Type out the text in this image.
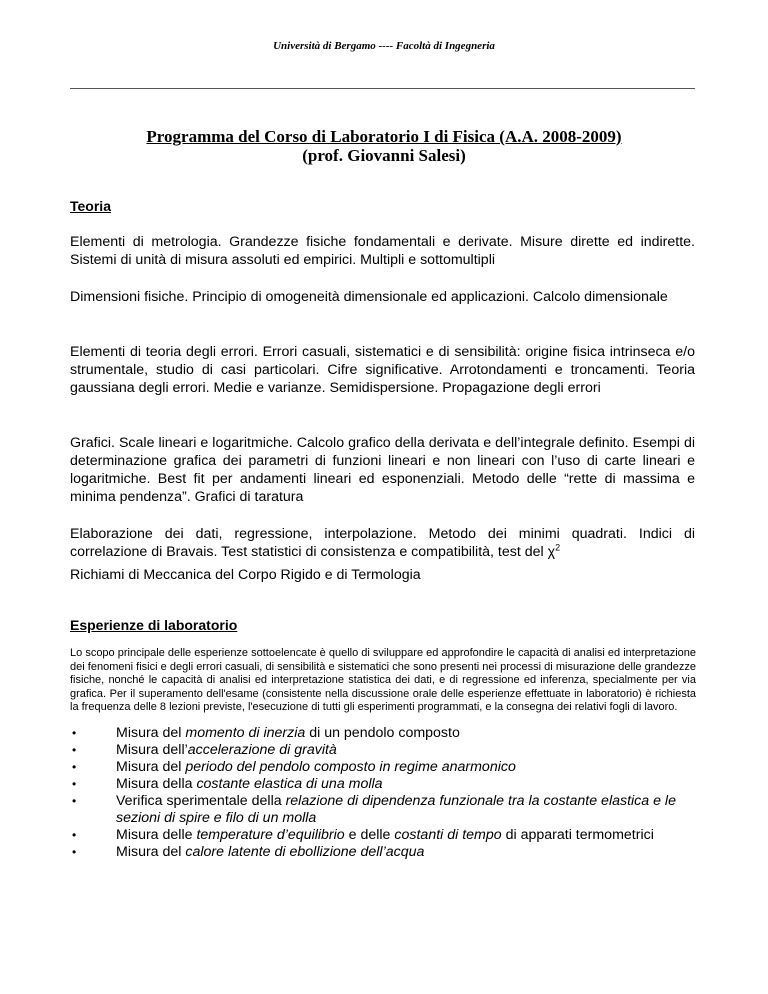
Università di Bergamo ---- Facoltà di Ingegneria
Programma del Corso di Laboratorio I di Fisica (A.A. 2008-2009)
(prof. Giovanni Salesi)
Teoria
Elementi di metrologia. Grandezze fisiche fondamentali e derivate. Misure dirette ed indirette. Sistemi di unità di misura assoluti ed empirici. Multipli e sottomultipli
Dimensioni fisiche. Principio di omogeneità dimensionale ed applicazioni. Calcolo dimensionale
Elementi di teoria degli errori. Errori casuali, sistematici e di sensibilità: origine fisica intrinseca e/o strumentale, studio di casi particolari. Cifre significative. Arrotondamenti e troncamenti. Teoria gaussiana degli errori. Medie e varianze. Semidispersione. Propagazione degli errori
Grafici. Scale lineari e logaritmiche. Calcolo grafico della derivata e dell’integrale definito. Esempi di determinazione grafica dei parametri di funzioni lineari e non lineari con l’uso di carte lineari e logaritmiche. Best fit per andamenti lineari ed esponenziali. Metodo delle “rette di massima e minima pendenza”. Grafici di taratura
Elaborazione dei dati, regressione, interpolazione. Metodo dei minimi quadrati. Indici di correlazione di Bravais. Test statistici di consistenza e compatibilità, test del $\chi^2$
Richiami di Meccanica del Corpo Rigido e di Termologia
Esperienze di laboratorio
Lo scopo principale delle esperienze sottoelencate è quello di sviluppare ed approfondire le capacità di analisi ed interpretazione dei fenomeni fisici e degli errori casuali, di sensibilità e sistematici che sono presenti nei processi di misurazione delle grandezze fisiche, nonché le capacità di analisi ed interpretazione statistica dei dati, e di regressione ed inferenza, specialmente per via grafica. Per il superamento dell'esame (consistente nella discussione orale delle esperienze effettuate in laboratorio) è richiesta la frequenza delle 8 lezioni previste, l'esecuzione di tutti gli esperimenti programmati, e la consegna dei relativi fogli di lavoro.
•	Misura del momento di inerzia di un pendolo composto
•	Misura dell’accelerazione di gravità
•	Misura del periodo del pendolo composto in regime anarmonico
•	Misura della costante elastica di una molla
•	Verifica sperimentale della relazione di dipendenza funzionale tra la costante elastica e le sezioni di spire e filo di un molla
•	Misura delle temperature d’equilibrio e delle costanti di tempo di apparati termometrici
•	Misura del calore latente di ebollizione dell’acqua
